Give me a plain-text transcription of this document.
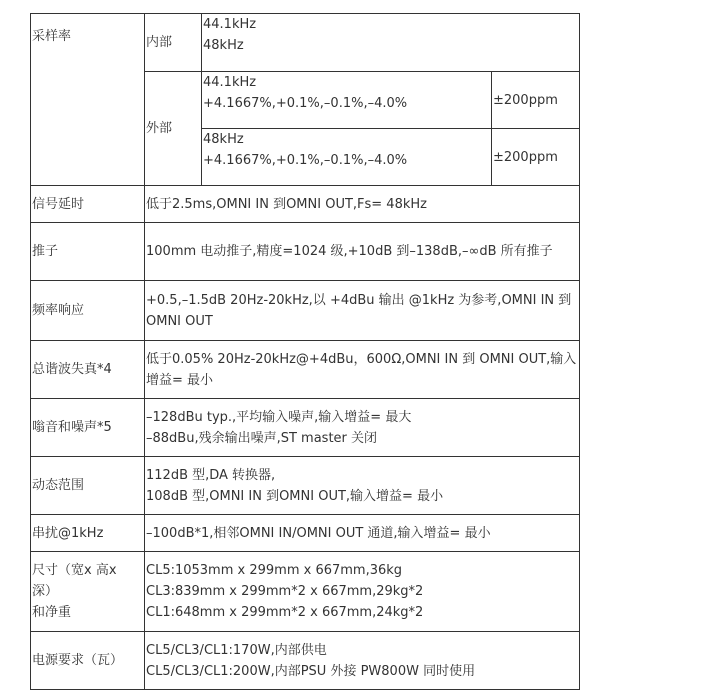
采样率	内部	44.1kHz
48kHz	

	外部	44.1kHz
+4.1667%,+0.1%,–0.1%,–4.0%	±200ppm

		48kHz
+4.1667%,+0.1%,–0.1%,–4.0%	±200ppm
信号延时	低于2.5ms,OMNI IN 到OMNI OUT,Fs= 48kHz		

推子	100mm 电动推子,精度=1024 级,+10dB 到–138dB,–∞dB 所有推子		

频率响应	+0.5,–1.5dB 20Hz-20kHz,以 +4dBu 输出 @1kHz 为参考,OMNI IN 到 OMNI OUT		

总谐波失真*4	低于0.05% 20Hz-20kHz@+4dBu，600Ω,OMNI IN 到 OMNI OUT,输入增益= 最小		

嗡音和噪声*5	–128dBu typ.,平均输入噪声,输入增益= 最大
–88dBu,残余输出噪声,ST master 关闭		

动态范围	112dB 型,DA 转换器,
108dB 型,OMNI IN 到OMNI OUT,输入增益= 最小		

串扰@1kHz	–100dB*1,相邻OMNI IN/OMNI OUT 通道,输入增益= 最小		

尺寸（宽x 高x
深）
和净重	CL5:1053mm x 299mm x 667mm,36kg
CL3:839mm x 299mm*2 x 667mm,29kg*2
CL1:648mm x 299mm*2 x 667mm,24kg*2		

电源要求（瓦）	CL5/CL3/CL1:170W,内部供电
CL5/CL3/CL1:200W,内部PSU 外接 PW800W 同时使用		
